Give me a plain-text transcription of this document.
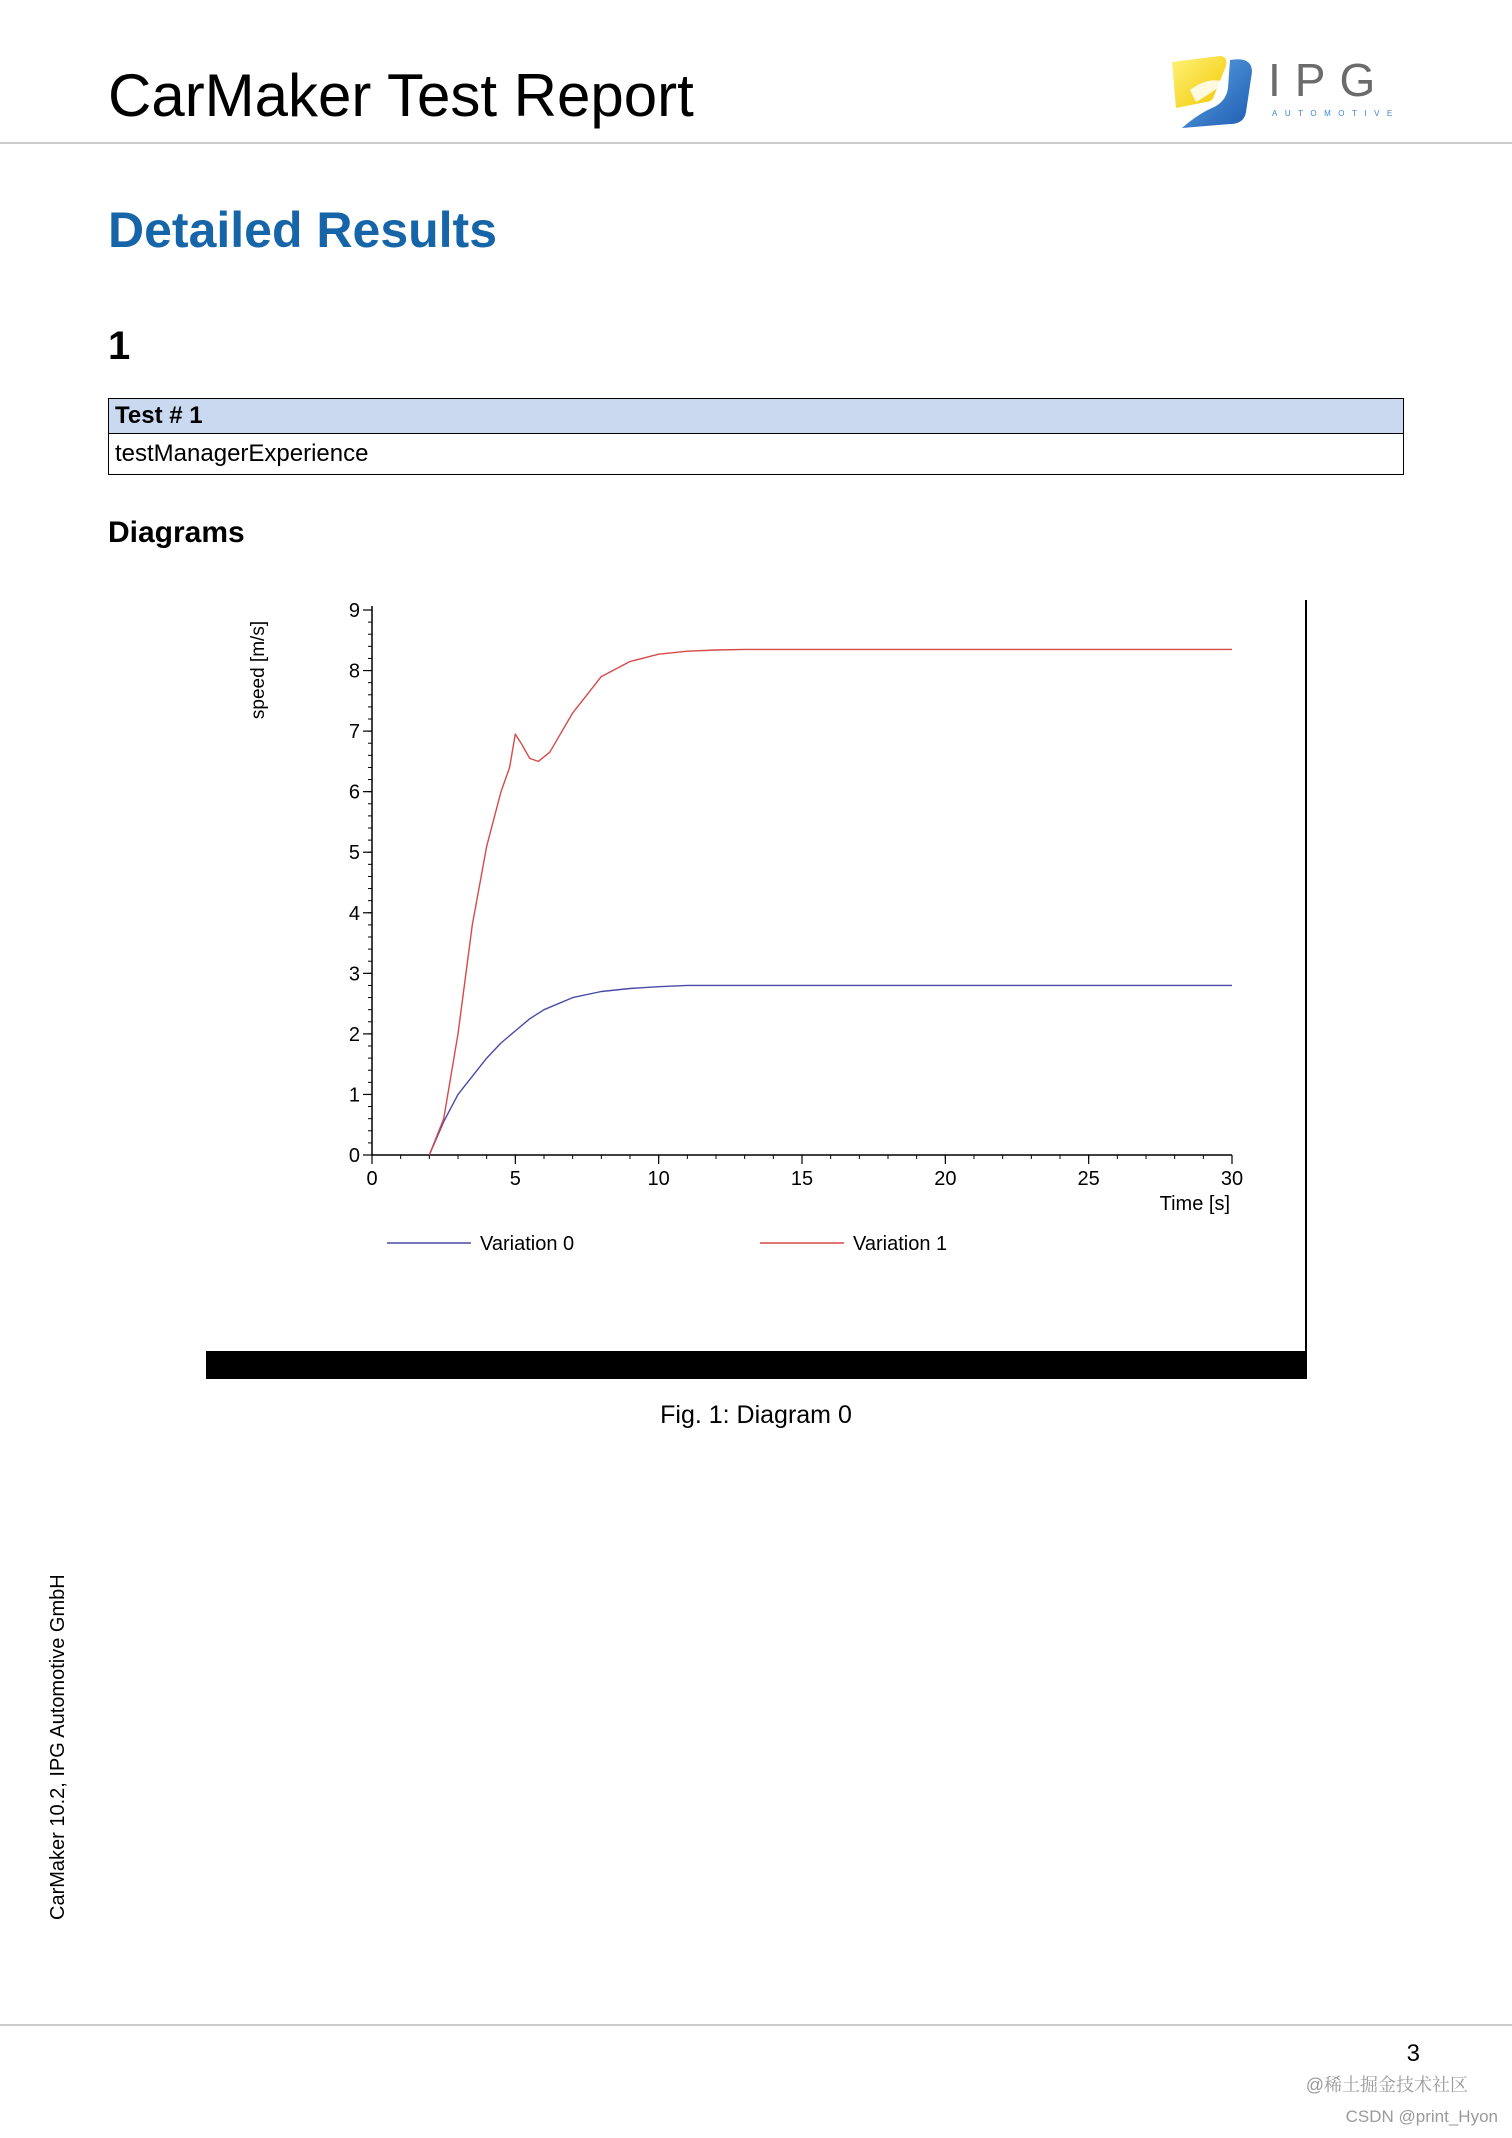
CarMaker Test Report	IPG
AUTOMOTIVE
Detailed Results
1
Test # 1
testManagerExperience
Diagrams
0
1
2
3
4
5
6
7
8
9
0	5	10	15	20	25	30
speed [m/s]
Time [s]
Variation 0	Variation 1
Fig. 1: Diagram 0
CarMaker 10.2, IPG Automotive GmbH
3
@稀土掘金技术社区
CSDN @print_Hyon
